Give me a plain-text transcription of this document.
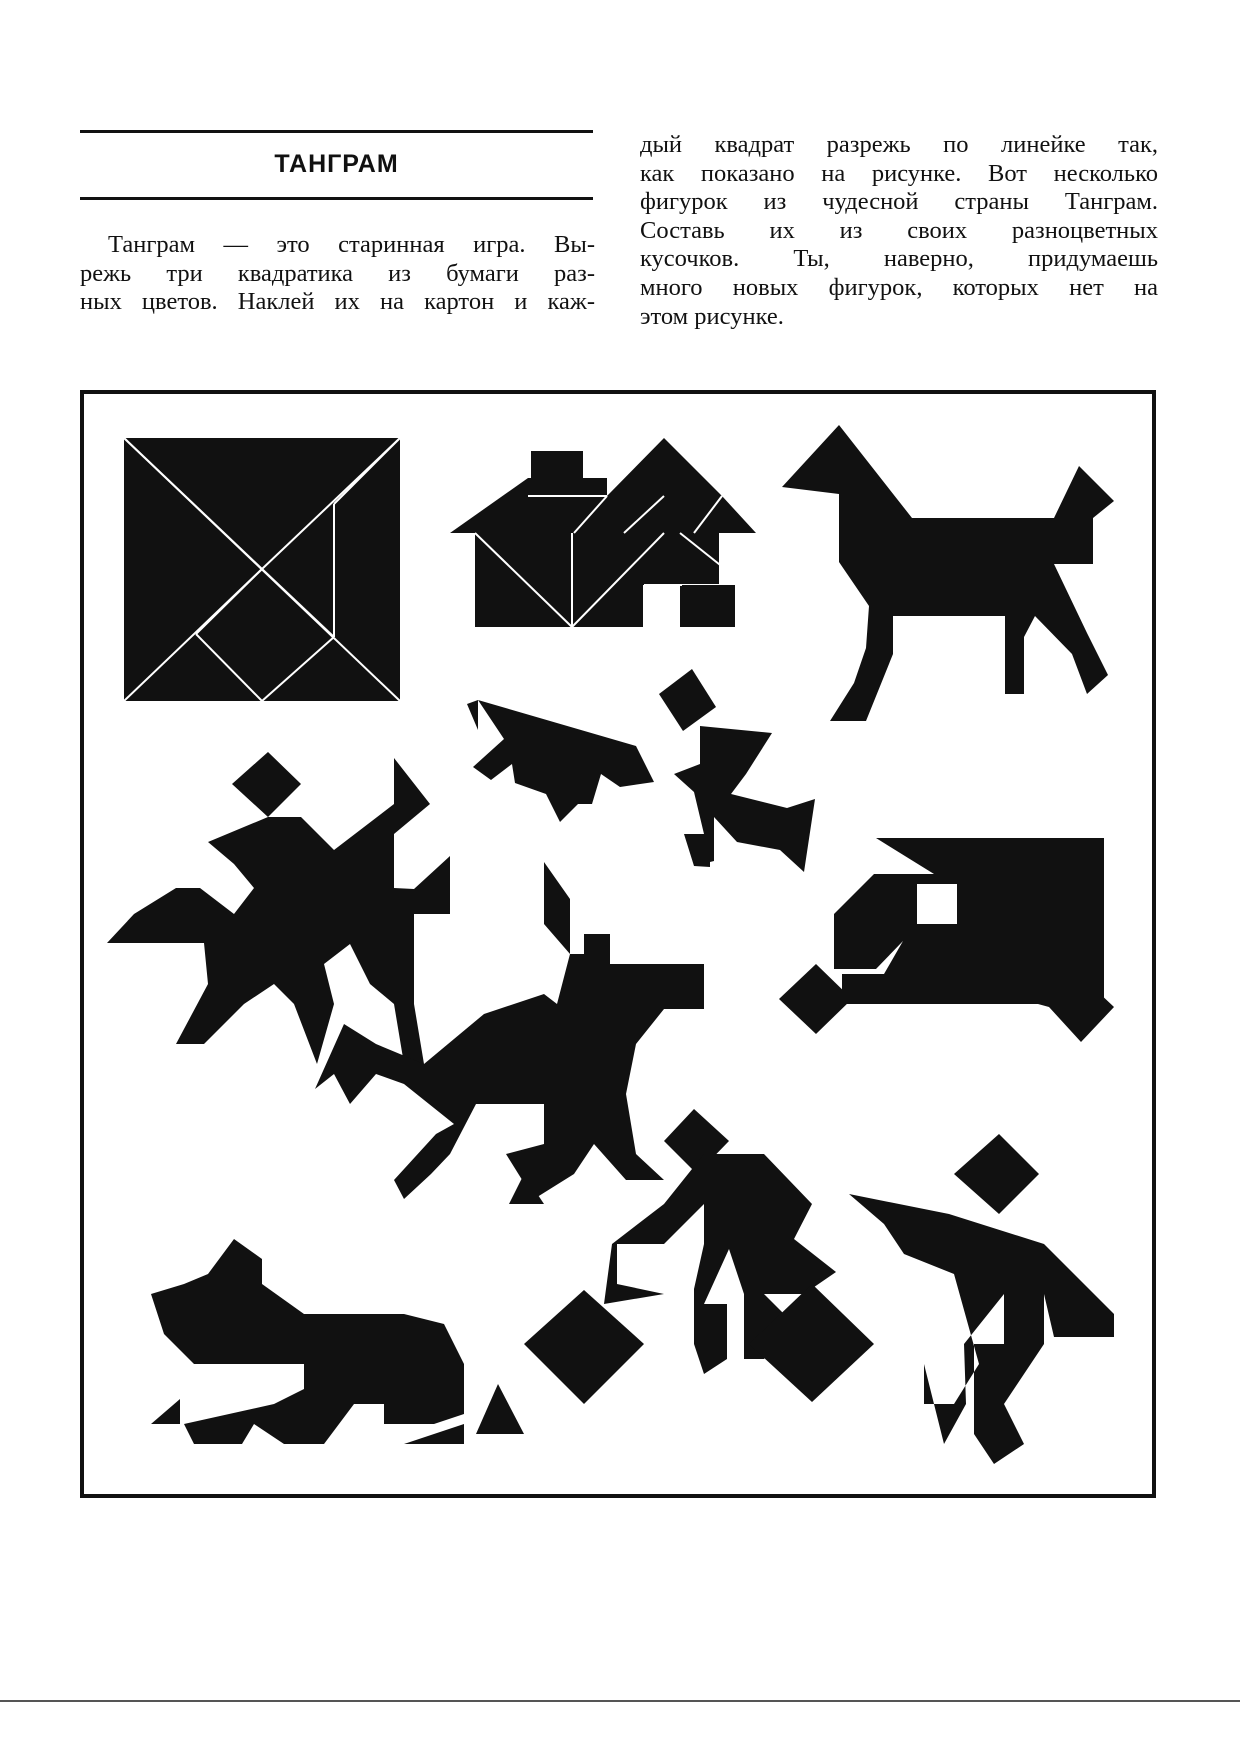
ТАНГРАМ
Танграм — это старинная игра. Вы-
режь три квадратика из бумаги раз-
ных цветов. Наклей их на картон и каж-
дый квадрат разрежь по линейке так,
как показано на рисунке. Вот несколько
фигурок из чудесной страны Танграм.
Составь их из своих разноцветных
кусочков. Ты, наверно, придумаешь
много новых фигурок, которых нет на
этом рисунке.
